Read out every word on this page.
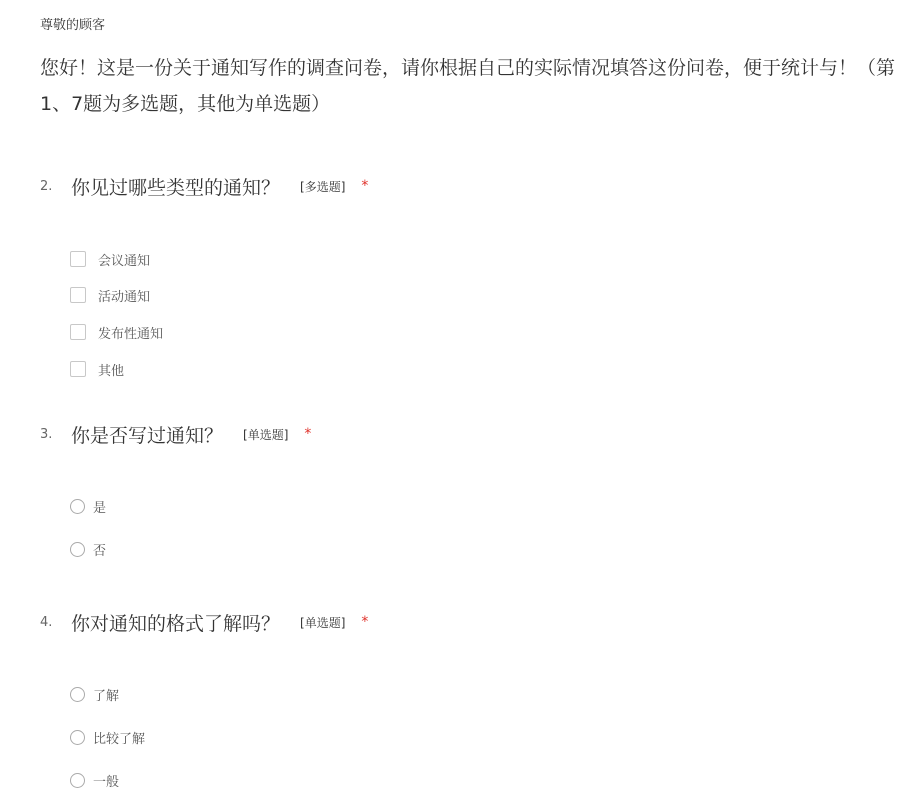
尊敬的顾客
您好！这是一份关于通知写作的调查问卷，请你根据自己的实际情况填答这份问卷，便于统计与！（第1、7题为多选题，其他为单选题）
2. 你见过哪些类型的通知？ [多选题] *
会议通知
活动通知
发布性通知
其他
3. 你是否写过通知？ [单选题] *
是
否
4. 你对通知的格式了解吗？ [单选题] *
了解
比较了解
一般
